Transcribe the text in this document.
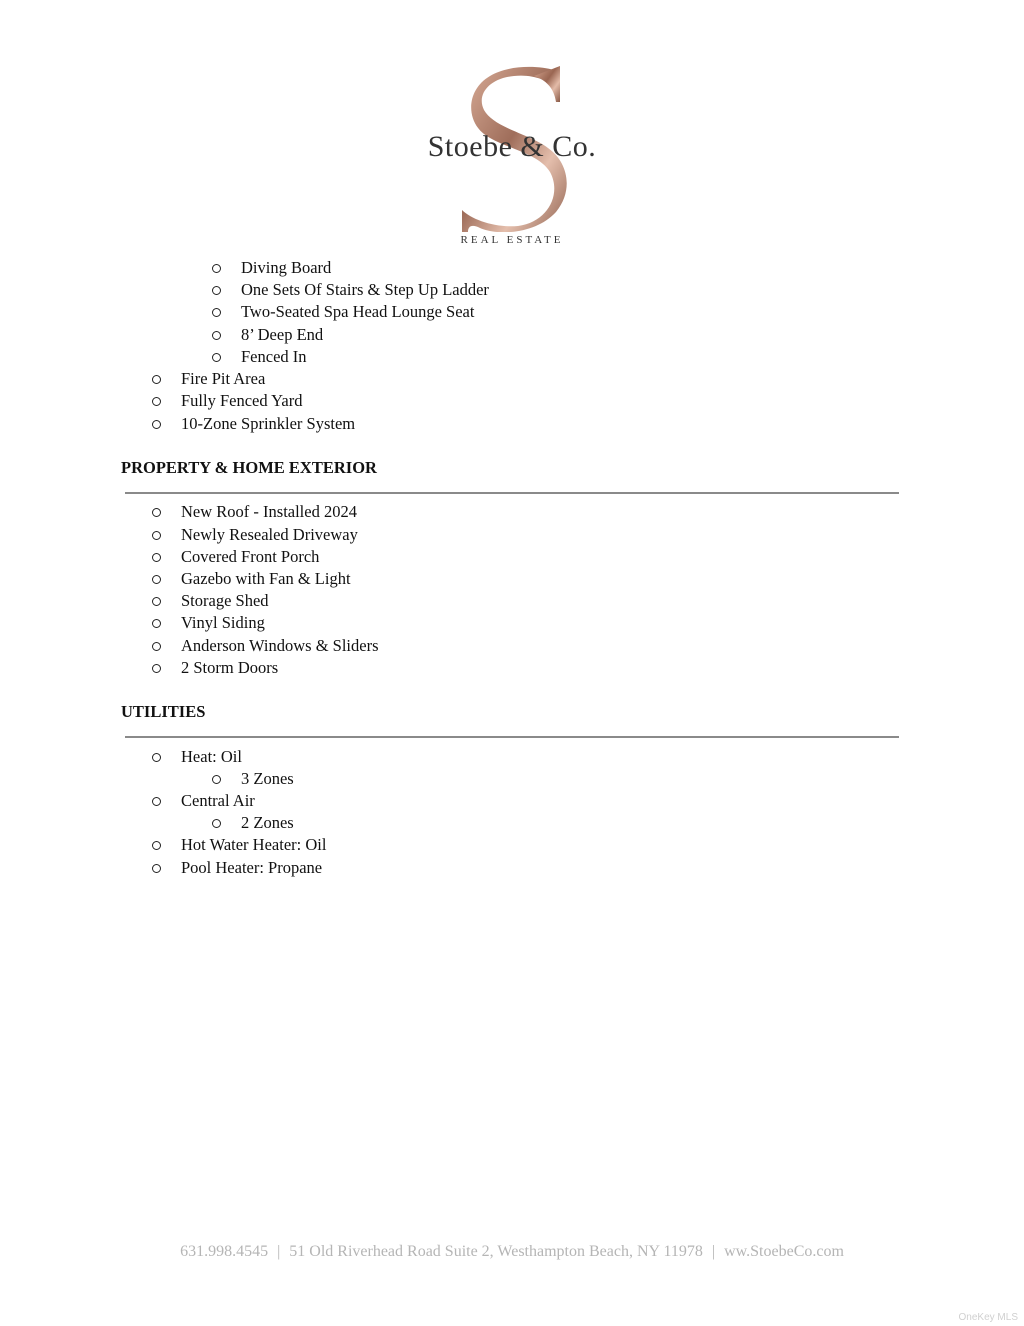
Stoebe & Co.
REAL ESTATE
Diving Board
One Sets Of Stairs & Step Up Ladder
Two-Seated Spa Head Lounge Seat
8’ Deep End
Fenced In
Fire Pit Area
Fully Fenced Yard
10-Zone Sprinkler System
PROPERTY & HOME EXTERIOR
New Roof - Installed 2024
Newly Resealed Driveway
Covered Front Porch
Gazebo with Fan & Light
Storage Shed
Vinyl Siding
Anderson Windows & Sliders
2 Storm Doors
UTILITIES
Heat: Oil
3 Zones
Central Air
2 Zones
Hot Water Heater: Oil
Pool Heater: Propane
631.998.4545 | 51 Old Riverhead Road Suite 2, Westhampton Beach, NY 11978 | ww.StoebeCo.com
OneKey MLS
